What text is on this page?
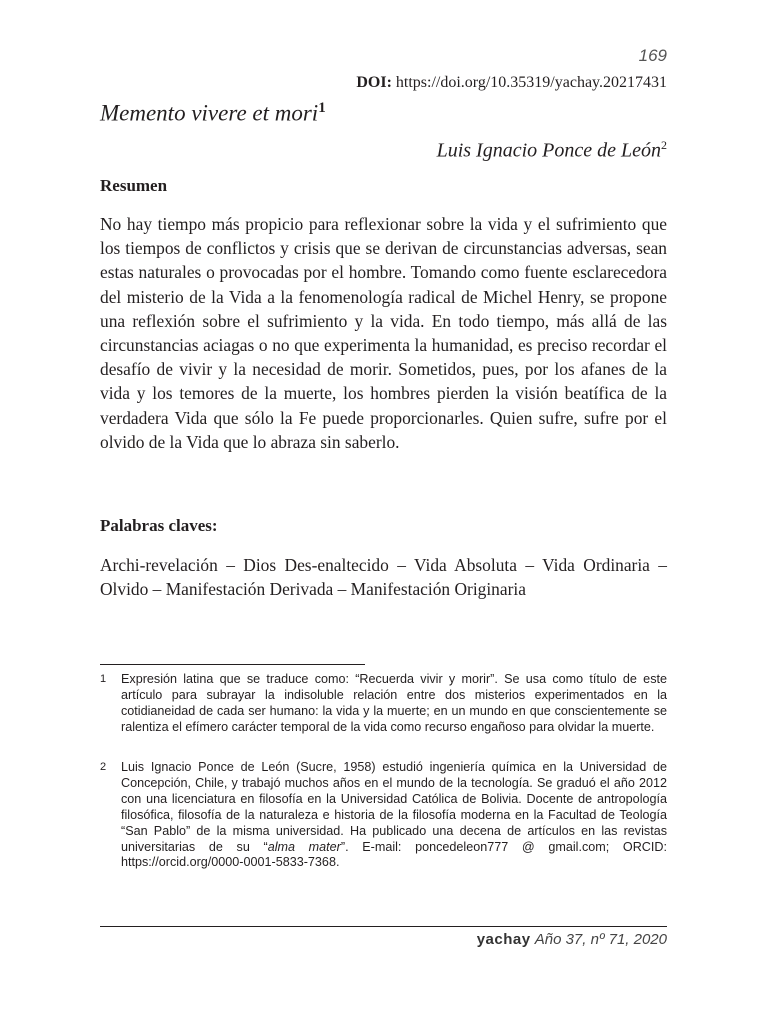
169
DOI: https://doi.org/10.35319/yachay.20217431
Memento vivere et mori$^1$
Luis Ignacio Ponce de León$^2$
Resumen

No hay tiempo más propicio para reflexionar sobre la vida y el sufrimiento que los tiempos de conflictos y crisis que se derivan de circunstancias adversas, sean estas naturales o provocadas por el hombre. Tomando como fuente esclarecedora del misterio de la Vida a la fenomenología radical de Michel Henry, se propone una reflexión sobre el sufrimiento y la vida. En todo tiempo, más allá de las circunstancias aciagas o no que experimenta la humanidad, es preciso recordar el desafío de vivir y la necesidad de morir. Sometidos, pues, por los afanes de la vida y los temores de la muerte, los hombres pierden la visión beatífica de la verdadera Vida que sólo la Fe puede proporcionarles. Quien sufre, sufre por el olvido de la Vida que lo abraza sin saberlo.

Palabras claves:

Archi-revelación – Dios Des-enaltecido – Vida Absoluta – Vida Ordinaria – Olvido – Manifestación Derivada – Manifestación Originaria

1 Expresión latina que se traduce como: “Recuerda vivir y morir”. Se usa como título de este artículo para subrayar la indisoluble relación entre dos misterios experimentados en la cotidianeidad de cada ser humano: la vida y la muerte; en un mundo en que conscientemente se ralentiza el efímero carácter temporal de la vida como recurso engañoso para olvidar la muerte.
2 Luis Ignacio Ponce de León (Sucre, 1958) estudió ingeniería química en la Universidad de Concepción, Chile, y trabajó muchos años en el mundo de la tecnología. Se graduó el año 2012 con una licenciatura en filosofía en la Universidad Católica de Bolivia. Docente de antropología filosófica, filosofía de la naturaleza e historia de la filosofía moderna en la Facultad de Teología “San Pablo” de la misma universidad. Ha publicado una decena de artículos en las revistas universitarias de su “alma mater”. E-mail: poncedeleon777 @ gmail.com; ORCID: https://orcid.org/0000-0001-5833-7368.
yachay Año 37, nº 71, 2020
